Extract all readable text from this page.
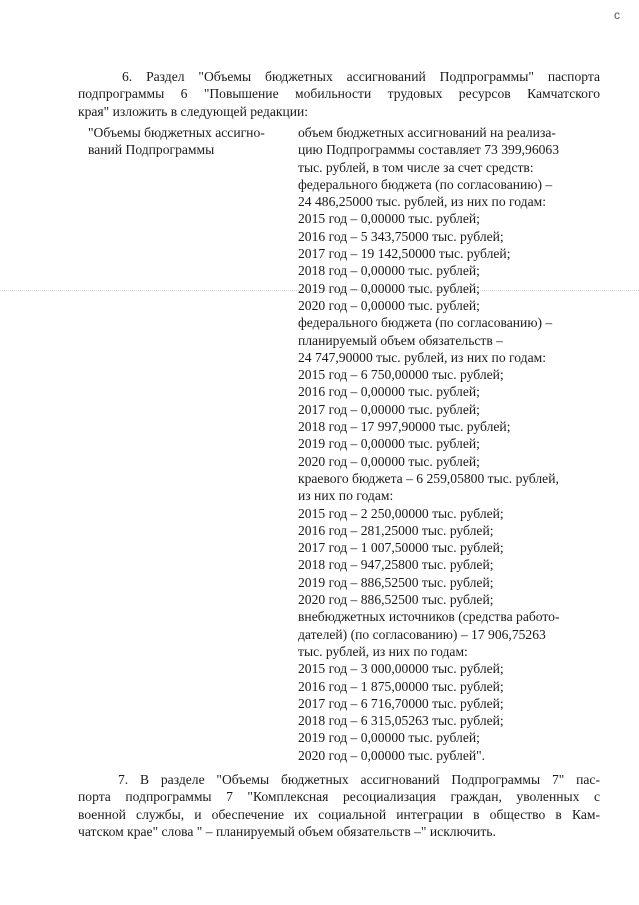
с
6. Раздел "Объемы бюджетных ассигнований Подпрограммы" паспорта
подпрограммы 6 "Повышение мобильности трудовых ресурсов Камчатского
края" изложить в следующей редакции:
"Объемы бюджетных ассигно-
ваний Подпрограммы
объем бюджетных ассигнований на реализа-
цию Подпрограммы составляет 73 399,96063
тыс. рублей, в том числе за счет средств:
федерального бюджета (по согласованию) –
24 486,25000 тыс. рублей, из них по годам:
2015 год – 0,00000 тыс. рублей;
2016 год – 5 343,75000 тыс. рублей;
2017 год – 19 142,50000 тыс. рублей;
2018 год – 0,00000 тыс. рублей;
2019 год – 0,00000 тыс. рублей;
2020 год – 0,00000 тыс. рублей;
федерального бюджета (по согласованию) –
планируемый объем обязательств –
24 747,90000 тыс. рублей, из них по годам:
2015 год – 6 750,00000 тыс. рублей;
2016 год – 0,00000 тыс. рублей;
2017 год – 0,00000 тыс. рублей;
2018 год – 17 997,90000 тыс. рублей;
2019 год – 0,00000 тыс. рублей;
2020 год – 0,00000 тыс. рублей;
краевого бюджета – 6 259,05800 тыс. рублей,
из них по годам:
2015 год – 2 250,00000 тыс. рублей;
2016 год – 281,25000 тыс. рублей;
2017 год – 1 007,50000 тыс. рублей;
2018 год – 947,25800 тыс. рублей;
2019 год – 886,52500 тыс. рублей;
2020 год – 886,52500 тыс. рублей;
внебюджетных источников (средства работо-
дателей) (по согласованию) – 17 906,75263
тыс. рублей, из них по годам:
2015 год – 3 000,00000 тыс. рублей;
2016 год – 1 875,00000 тыс. рублей;
2017 год – 6 716,70000 тыс. рублей;
2018 год – 6 315,05263 тыс. рублей;
2019 год – 0,00000 тыс. рублей;
2020 год – 0,00000 тыс. рублей".
7. В разделе "Объемы бюджетных ассигнований Подпрограммы 7" пас-
порта подпрограммы 7 "Комплексная ресоциализация граждан, уволенных с
военной службы, и обеспечение их социальной интеграции в общество в Кам-
чатском крае" слова " – планируемый объем обязательств –" исключить.
